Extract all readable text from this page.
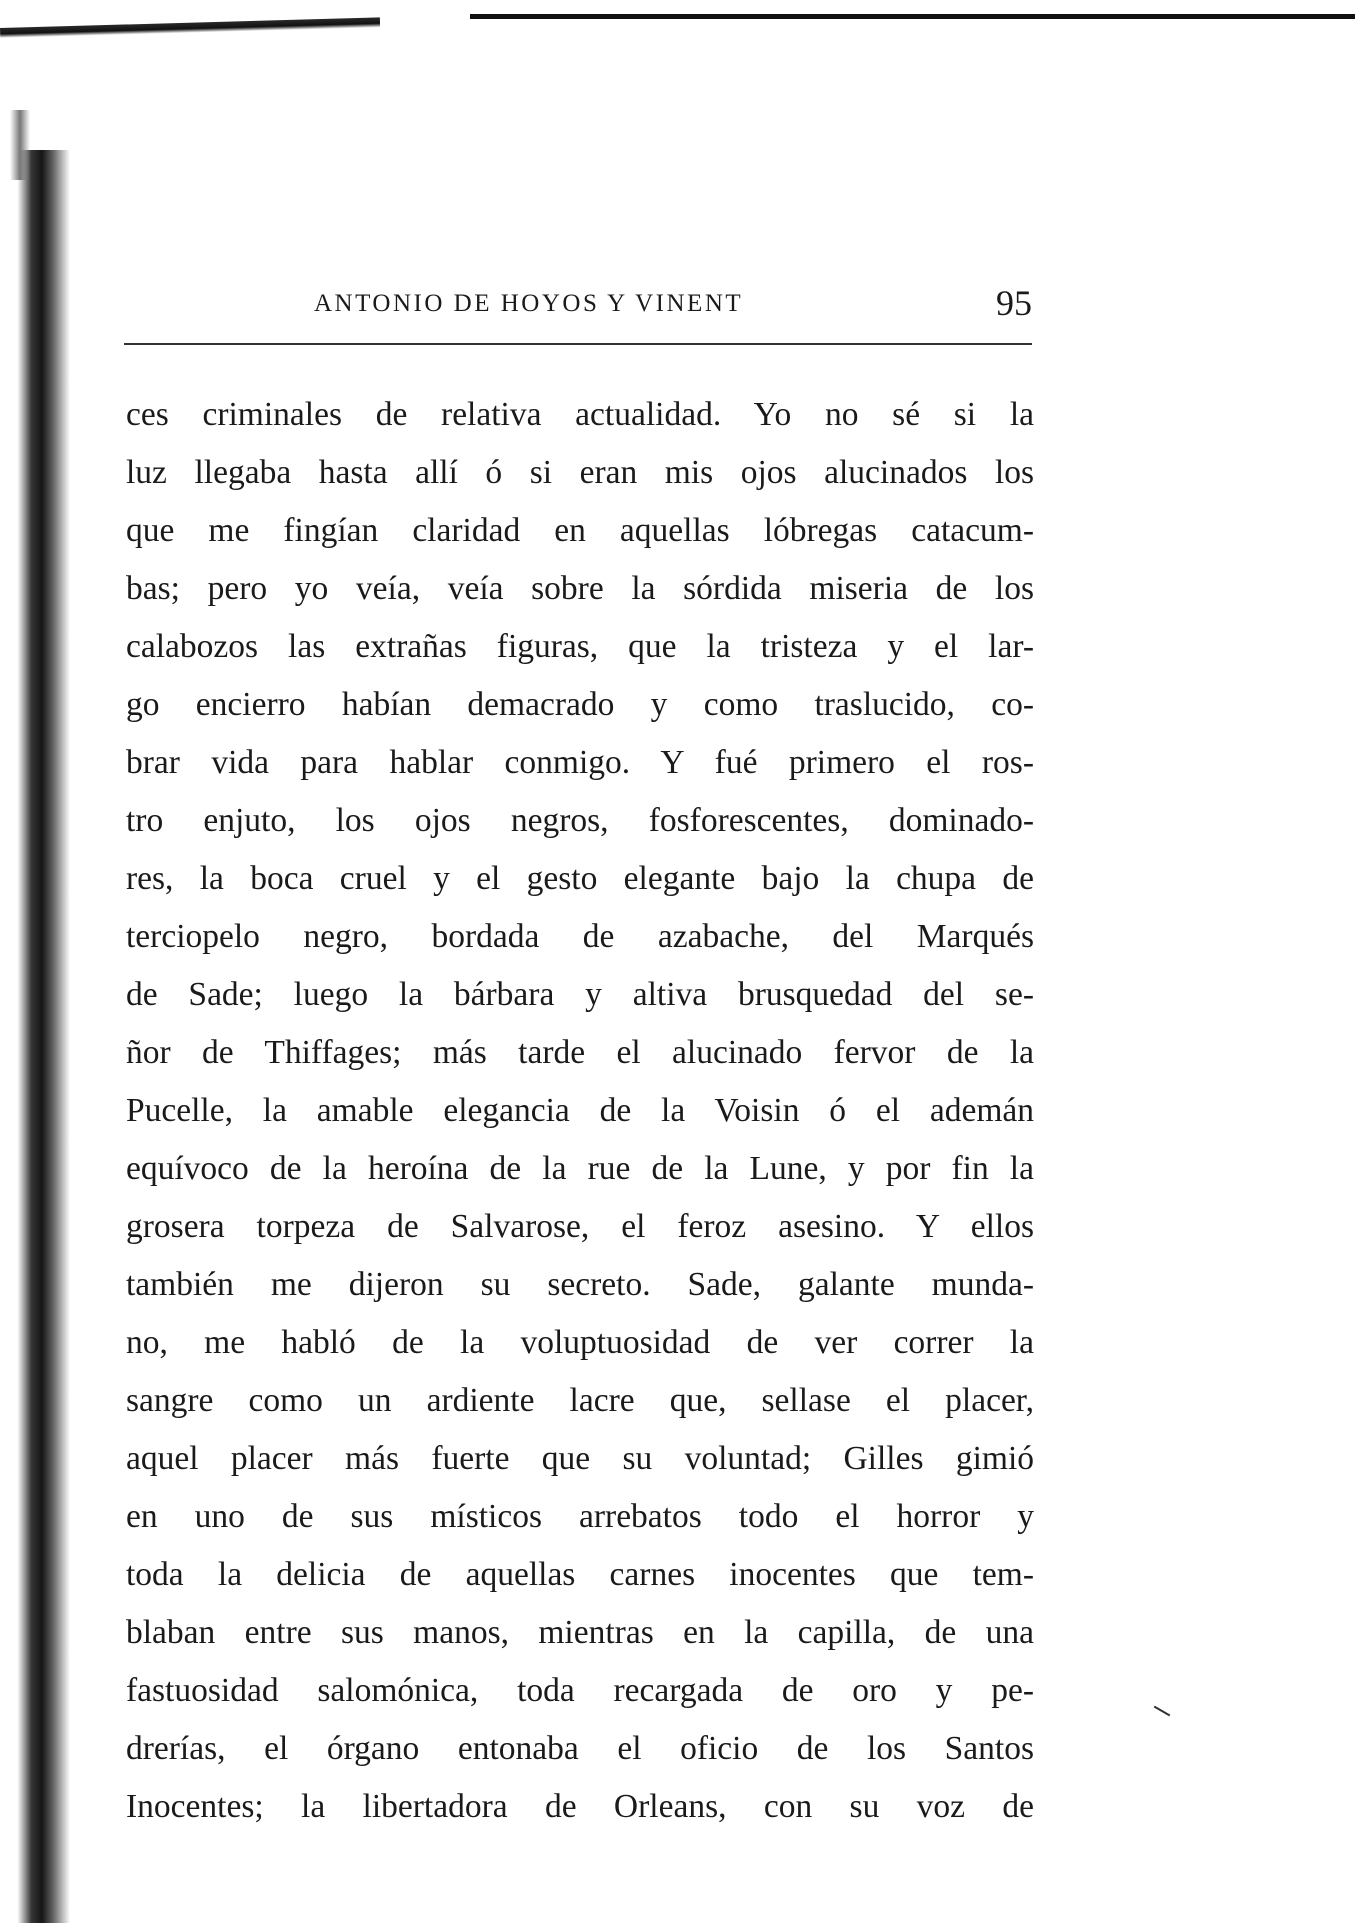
ANTONIO DE HOYOS Y VINENT	95
ces criminales de relativa actualidad. Yo no sé si la
luz llegaba hasta allí ó si eran mis ojos alucinados los
que me fingían claridad en aquellas lóbregas catacum-
bas; pero yo veía, veía sobre la sórdida miseria de los
calabozos las extrañas figuras, que la tristeza y el lar-
go encierro habían demacrado y como traslucido, co-
brar vida para hablar conmigo. Y fué primero el ros-
tro enjuto, los ojos negros, fosforescentes, dominado-
res, la boca cruel y el gesto elegante bajo la chupa de
terciopelo negro, bordada de azabache, del Marqués
de Sade; luego la bárbara y altiva brusquedad del se-
ñor de Thiffages; más tarde el alucinado fervor de la
Pucelle, la amable elegancia de la Voisin ó el ademán
equívoco de la heroína de la rue de la Lune, y por fin la
grosera torpeza de Salvarose, el feroz asesino. Y ellos
también me dijeron su secreto. Sade, galante munda-
no, me habló de la voluptuosidad de ver correr la
sangre como un ardiente lacre que, sellase el placer,
aquel placer más fuerte que su voluntad; Gilles gimió
en uno de sus místicos arrebatos todo el horror y
toda la delicia de aquellas carnes inocentes que tem-
blaban entre sus manos, mientras en la capilla, de una
fastuosidad salomónica, toda recargada de oro y pe-
drerías, el órgano entonaba el oficio de los Santos
Inocentes; la libertadora de Orleans, con su voz de
